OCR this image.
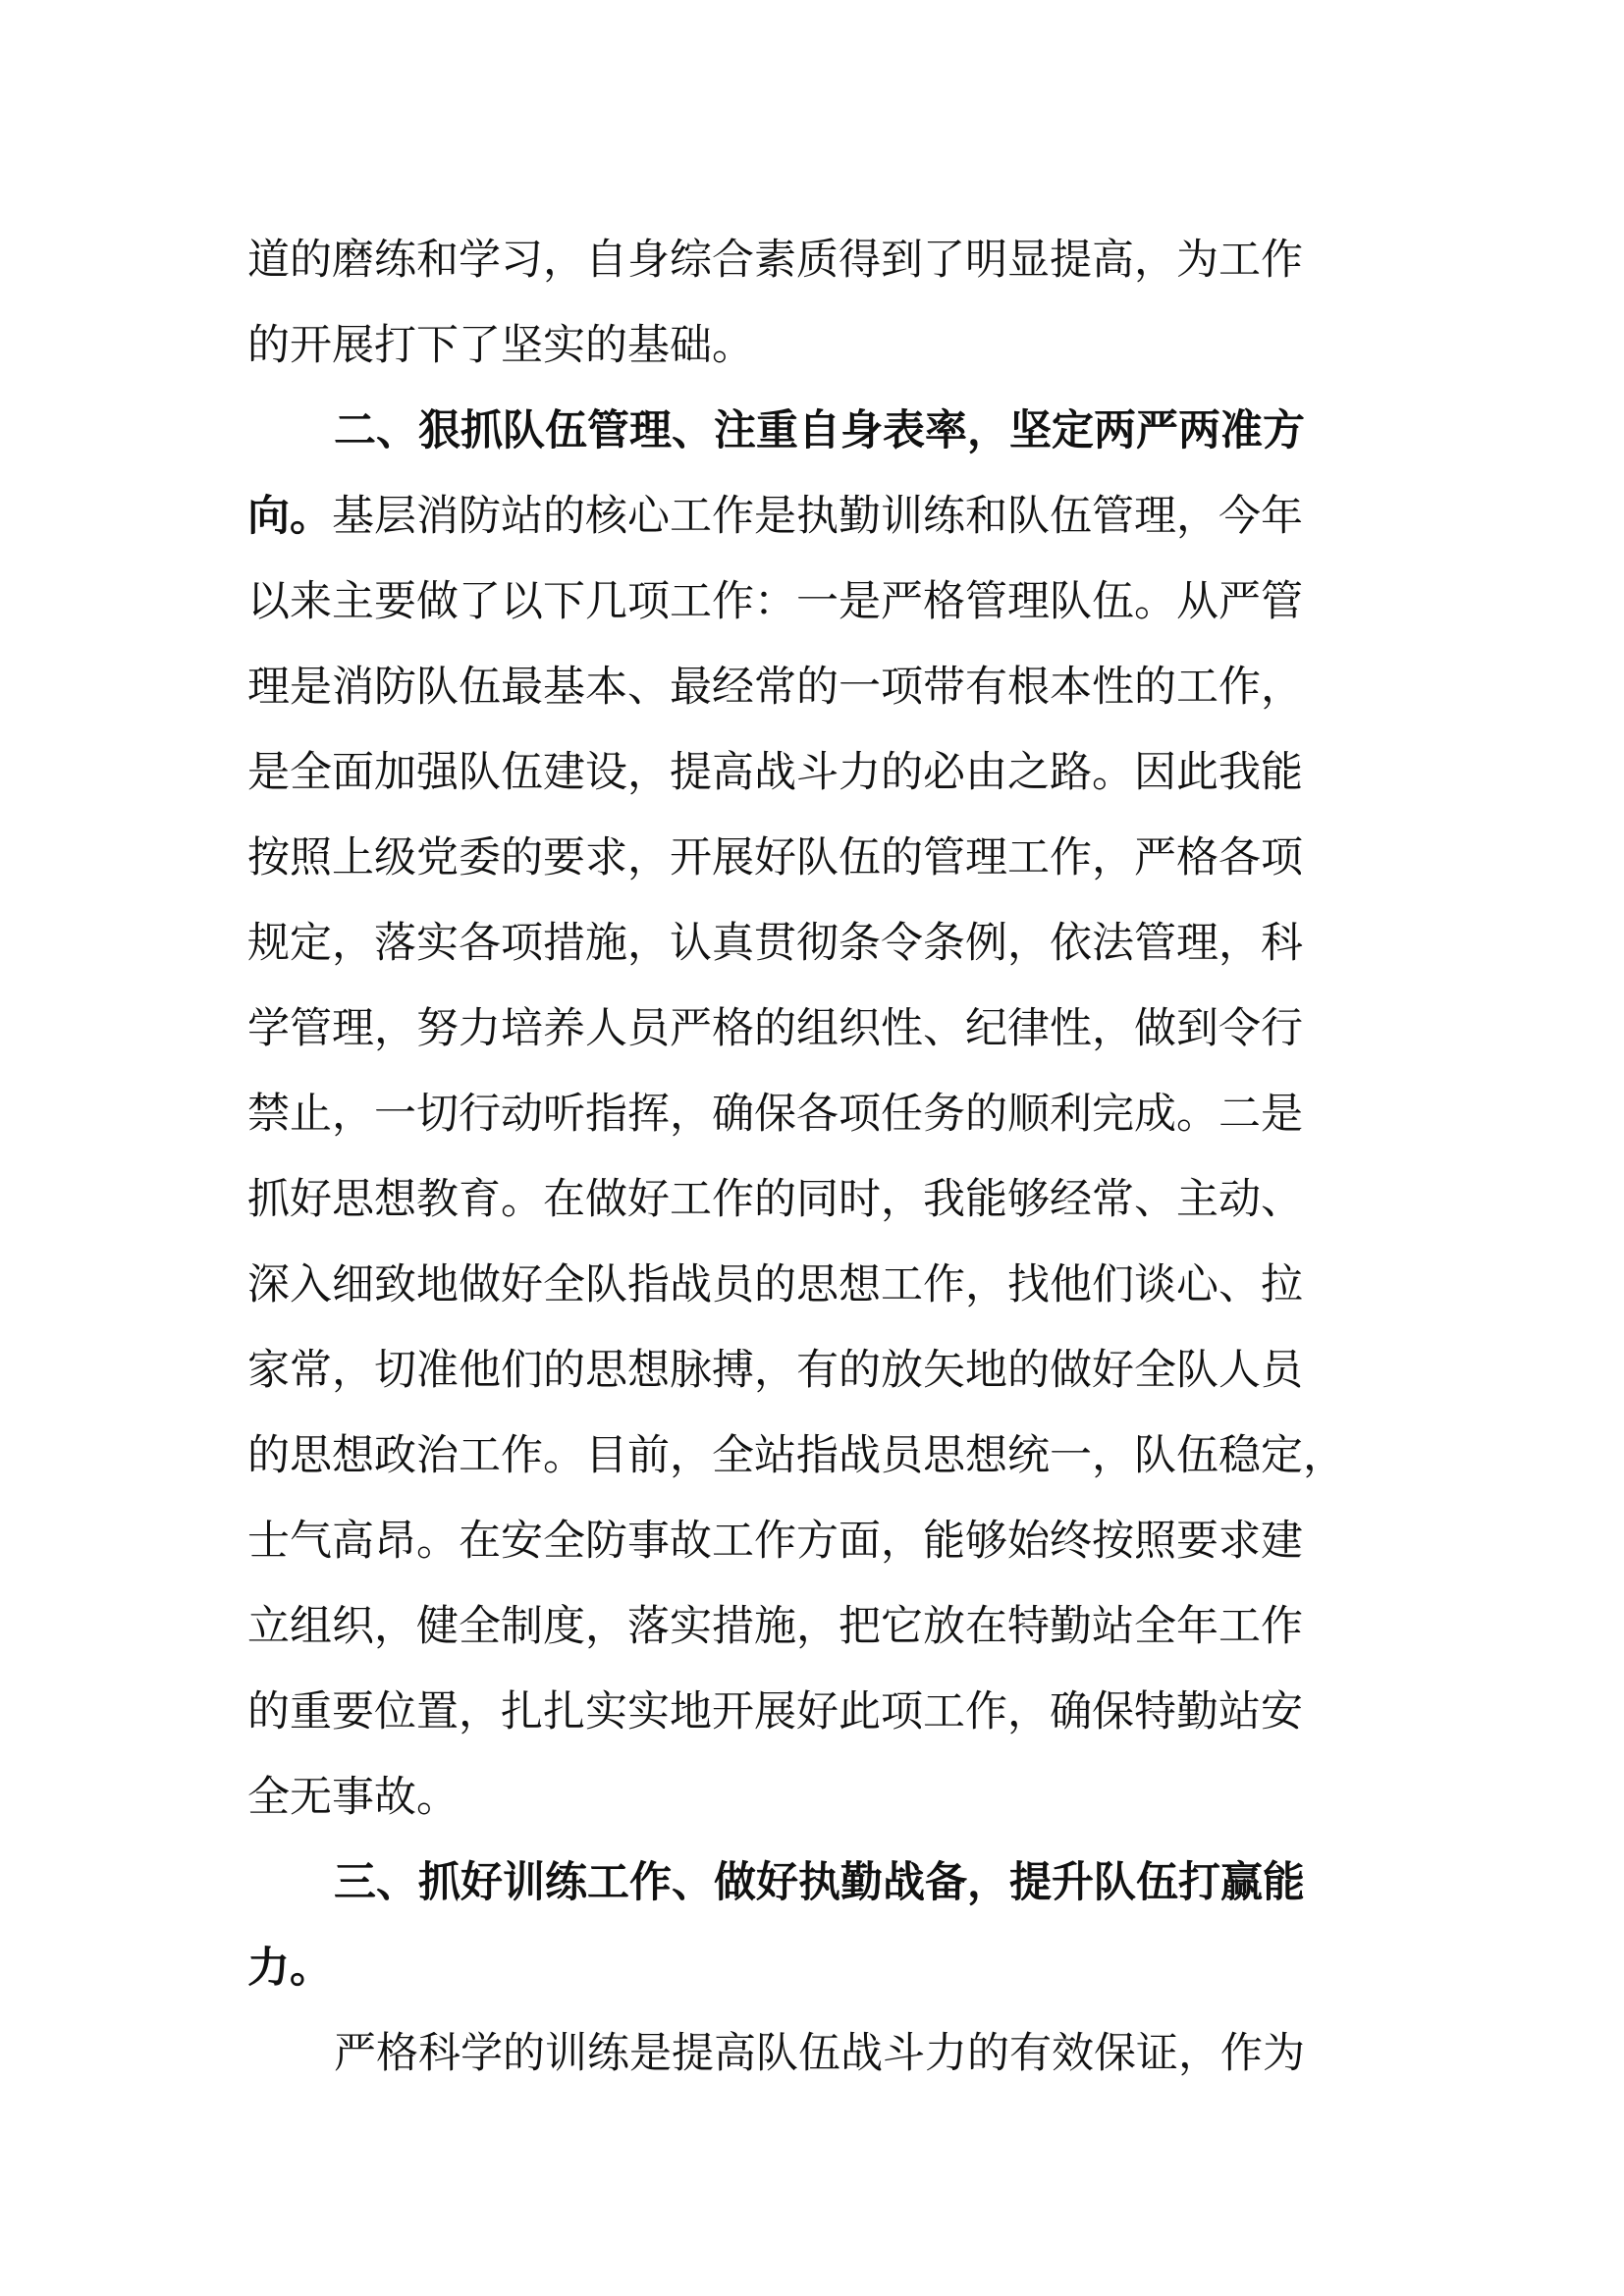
道的磨练和学习，自身综合素质得到了明显提高，为工作
的开展打下了坚实的基础。
二、狠抓队伍管理、注重自身表率，坚定两严两准方
向。基层消防站的核心工作是执勤训练和队伍管理，今年
以来主要做了以下几项工作：一是严格管理队伍。从严管
理是消防队伍最基本、最经常的一项带有根本性的工作，
是全面加强队伍建设，提高战斗力的必由之路。因此我能
按照上级党委的要求，开展好队伍的管理工作，严格各项
规定，落实各项措施，认真贯彻条令条例，依法管理，科
学管理，努力培养人员严格的组织性、纪律性，做到令行
禁止，一切行动听指挥，确保各项任务的顺利完成。二是
抓好思想教育。在做好工作的同时，我能够经常、主动、
深入细致地做好全队指战员的思想工作，找他们谈心、拉
家常，切准他们的思想脉搏，有的放矢地的做好全队人员
的思想政治工作。目前，全站指战员思想统一，队伍稳定，
士气高昂。在安全防事故工作方面，能够始终按照要求建
立组织，健全制度，落实措施，把它放在特勤站全年工作
的重要位置，扎扎实实地开展好此项工作，确保特勤站安
全无事故。
三、抓好训练工作、做好执勤战备，提升队伍打赢能
力。
严格科学的训练是提高队伍战斗力的有效保证，作为
